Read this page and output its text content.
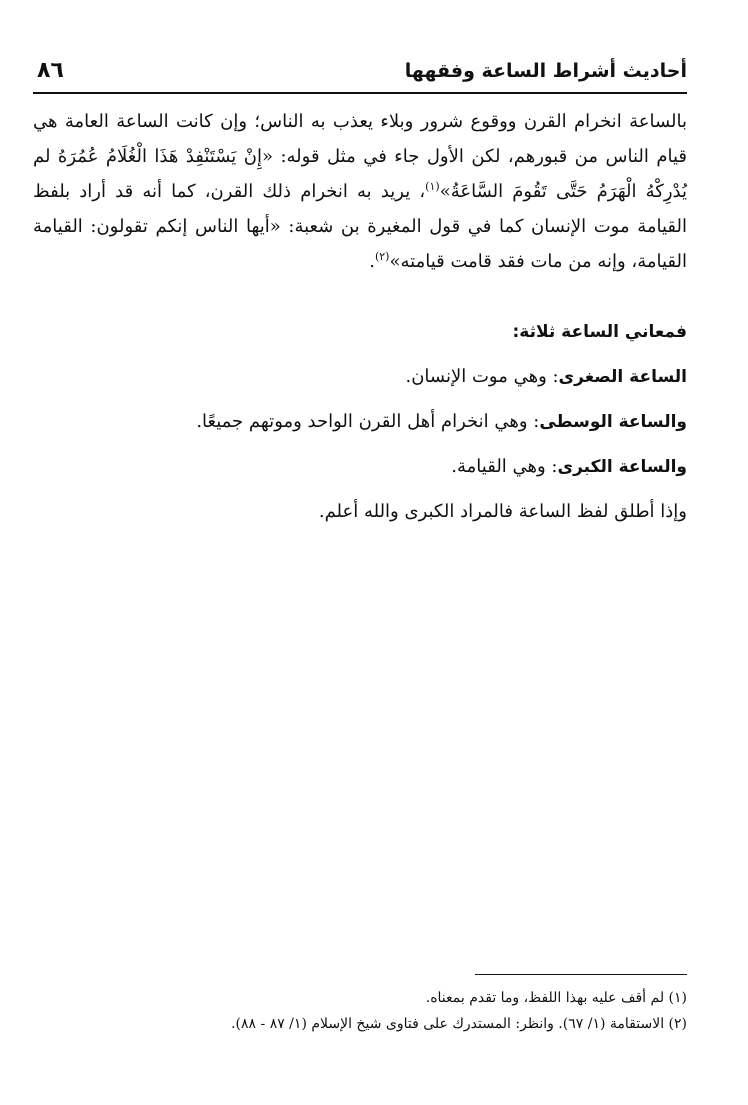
أحاديث أشراط الساعة وفقهها
٨٦

بالساعة انخرام القرن ووقوع شرور وبلاء يعذب به الناس؛ وإن كانت الساعة العامة هي قيام الناس من قبورهم، لكن الأول جاء في مثل قوله: «إِنْ يَسْتَنْفِدْ هَذَا الْغُلَامُ عُمُرَهُ لم يُدْرِكْهُ الْهَرَمُ حَتَّى تَقُومَ السَّاعَةُ»$^{(١)}$، يريد به انخرام ذلك القرن، كما أنه قد أراد بلفظ القيامة موت الإنسان كما في قول المغيرة بن شعبة: «أيها الناس إنكم تقولون: القيامة القيامة، وإنه من مات فقد قامت قيامته»$^{(٢)}$.

فمعاني الساعة ثلاثة:
الساعة الصغرى: وهي موت الإنسان.
والساعة الوسطى: وهي انخرام أهل القرن الواحد وموتهم جميعًا.
والساعة الكبرى: وهي القيامة.
وإذا أطلق لفظ الساعة فالمراد الكبرى والله أعلم.
(١) لم أقف عليه بهذا اللفظ، وما تقدم بمعناه.
(٢) الاستقامة (١/ ٦٧). وانظر: المستدرك على فتاوى شيخ الإسلام (١/ ٨٧ - ٨٨).
